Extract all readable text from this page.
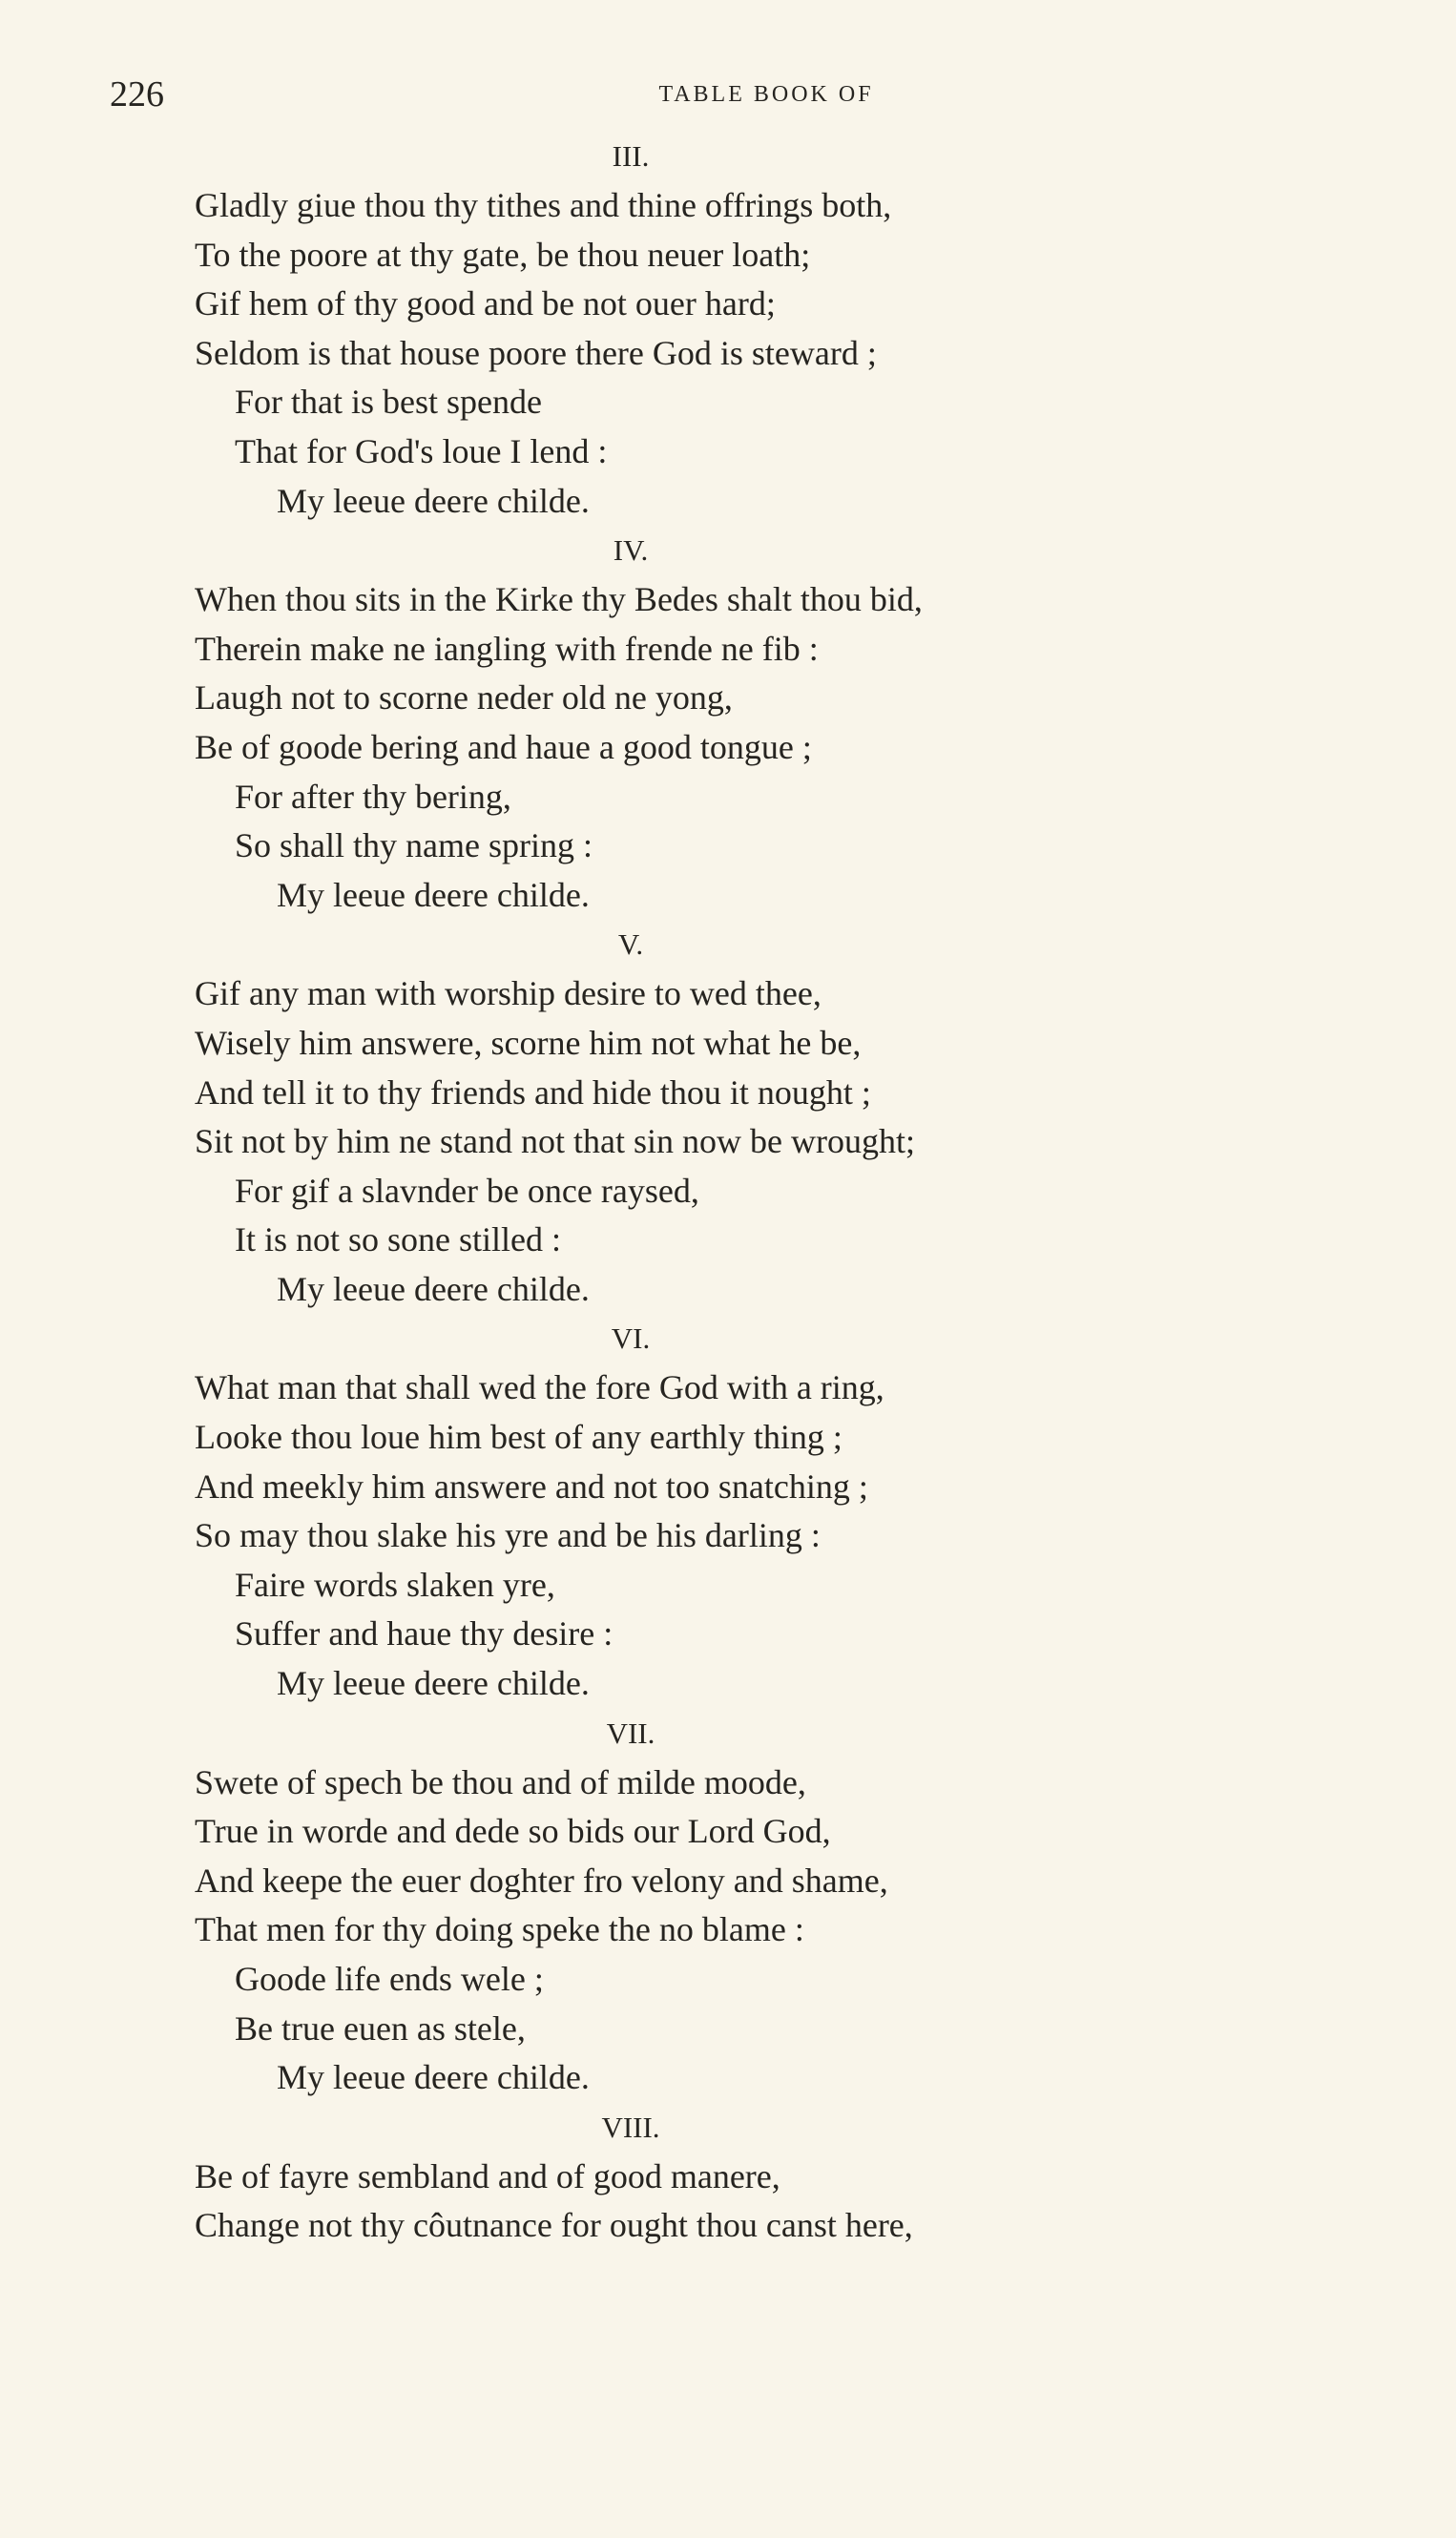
226	TABLE BOOK OF
III.
Gladly giue thou thy tithes and thine offrings both,
To the poore at thy gate, be thou neuer loath;
Gif hem of thy good and be not ouer hard;
Seldom is that house poore there God is steward ;
For that is best spende
That for God's loue I lend :
My leeue deere childe.
IV.
When thou sits in the Kirke thy Bedes shalt thou bid,
Therein make ne iangling with frende ne fib :
Laugh not to scorne neder old ne yong,
Be of goode bering and haue a good tongue ;
For after thy bering,
So shall thy name spring :
My leeue deere childe.
V.
Gif any man with worship desire to wed thee,
Wisely him answere, scorne him not what he be,
And tell it to thy friends and hide thou it nought ;
Sit not by him ne stand not that sin now be wrought;
For gif a slavnder be once raysed,
It is not so sone stilled :
My leeue deere childe.
VI.
What man that shall wed the fore God with a ring,
Looke thou loue him best of any earthly thing ;
And meekly him answere and not too snatching ;
So may thou slake his yre and be his darling :
Faire words slaken yre,
Suffer and haue thy desire :
My leeue deere childe.
VII.
Swete of spech be thou and of milde moode,
True in worde and dede so bids our Lord God,
And keepe the euer doghter fro velony and shame,
That men for thy doing speke the no blame :
Goode life ends wele ;
Be true euen as stele,
My leeue deere childe.
VIII.
Be of fayre sembland and of good manere,
Change not thy côutnance for ought thou canst here,
